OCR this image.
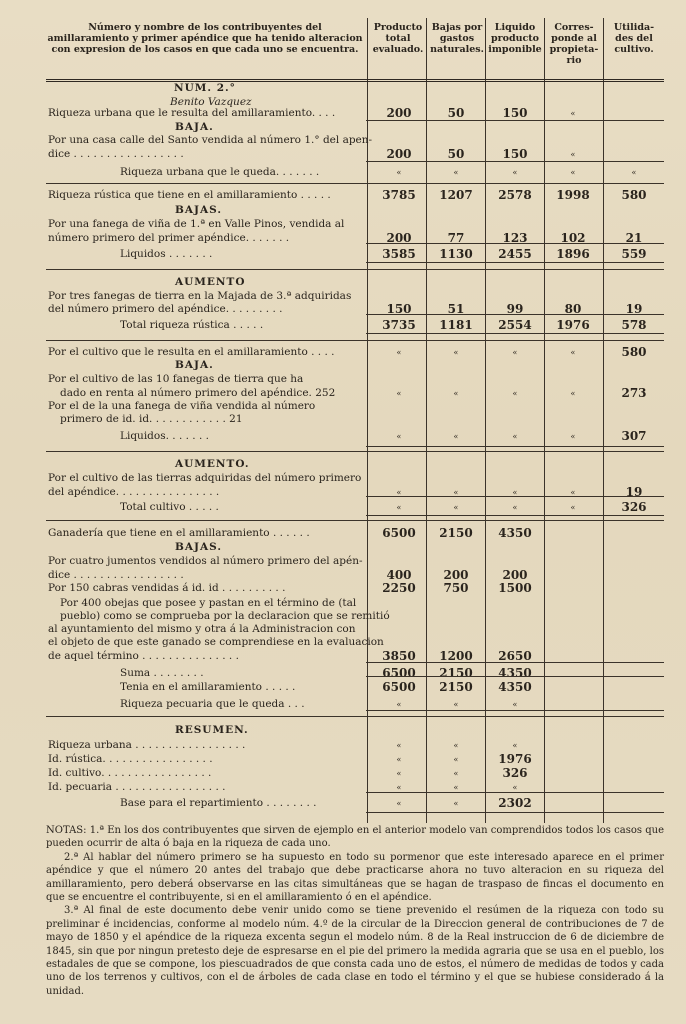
Número y nombre de los contribuyentes del amillaramiento y primer apéndice que ha tenido alteracion con expresion de los casos en que cada uno se encuentra.
Producto total evaluado.
Bajas por gastos naturales.
Liquido producto imponible
Corres-ponde al propieta-rio
Utilida-des del cultivo.
NUM. 2.°
Benito Vazquez
Riqueza urbana que le resulta del amillaramiento. . . .	200	50	150	«
BAJA.
Por una casa calle del Santo vendida al número 1.° del apen-
dice . . . . . . . . . . . . . . . . .	200	50	150	«
Riqueza urbana que le queda. . . . . . .	«	«	«	«	«
Riqueza rústica que tiene en el amillaramiento . . . . .	3785	1207	2578	1998	580
BAJAS.
Por una fanega de viña de 1.ª en Valle Pinos, vendida al
número primero del primer apéndice. . . . . . .	200	77	123	102	21
Liquidos . . . . . . .	3585	1130	2455	1896	559
AUMENTO
Por tres fanegas de tierra en la Majada de 3.ª adquiridas
del número primero del apéndice. . . . . . . . .	150	51	99	80	19
Total riqueza rústica . . . . .	3735	1181	2554	1976	578
Por el cultivo que le resulta en el amillaramiento . . . .	«	«	«	«	580
BAJA.
Por el cultivo de las 10 fanegas de tierra que ha
dado en renta al número primero del apéndice. 252	«	«	«	«	273
Por el de la una fanega de viña vendida al número
primero de id. id. . . . . . . . . . . . 21
Liquidos. . . . . . .	«	«	«	«	307
AUMENTO.
Por el cultivo de las tierras adquiridas del número primero
del apéndice. . . . . . . . . . . . . . . .	«	«	«	«	19
Total cultivo . . . . .	«	«	«	«	326
Ganadería que tiene en el amillaramiento . . . . . .	6500	2150	4350
BAJAS.
Por cuatro jumentos vendidos al número primero del apén-
dice . . . . . . . . . . . . . . . . .	400	200	200
Por 150 cabras vendidas á id. id . . . . . . . . . .	2250	750	1500
Por 400 obejas que posee y pastan en el término de (tal
pueblo) como se comprueba por la declaracion que se remitió
al ayuntamiento del mismo y otra á la Administracion con
el objeto de que este ganado se comprendiese en la evaluacion
de aquel término . . . . . . . . . . . . . . .	3850	1200	2650
Suma . . . . . . . .	6500	2150	4350
Tenia en el amillaramiento . . . . .	6500	2150	4350
Riqueza pecuaria que le queda . . .	«	«	«
RESUMEN.
Riqueza urbana . . . . . . . . . . . . . . . . .	«	«	«
Id. rústica. . . . . . . . . . . . . . . . .	«	«	1976
Id. cultivo. . . . . . . . . . . . . . . . .	«	«	326
Id. pecuaria . . . . . . . . . . . . . . . . .	«	«	«
Base para el repartimiento . . . . . . . .	«	«	2302

NOTAS: 1.ª En los dos contribuyentes que sirven de ejemplo en el anterior modelo van comprendidos todos los casos que pueden ocurrir de alta ó baja en la riqueza de cada uno.

2.ª Al hablar del número primero se ha supuesto en todo su pormenor que este interesado aparece en el primer apéndice y que el número 20 antes del trabajo que debe practicarse ahora no tuvo alteracion en su riqueza del amillaramiento, pero deberá observarse en las citas simultáneas que se hagan de traspaso de fincas el documento en que se encuentre el contribuyente, si en el amillaramiento ó en el apéndice.

3.ª Al final de este documento debe venir unido como se tiene prevenido el resúmen de la riqueza con todo su preliminar é incidencias, conforme al modelo núm. 4.º de la circular de la Direccion general de contribuciones de 7 de mayo de 1850 y el apéndice de la riqueza excenta segun el modelo núm. 8 de la Real instruccion de 6 de diciembre de 1845, sin que por ningun pretesto deje de espresarse en el pie del primero la medida agraria que se usa en el pueblo, los estadales de que se compone, los piescuadrados de que consta cada uno de estos, el número de medidas de todos y cada uno de los terrenos y cultivos, con el de árboles de cada clase en todo el término y el que se hubiese considerado á la unidad.
